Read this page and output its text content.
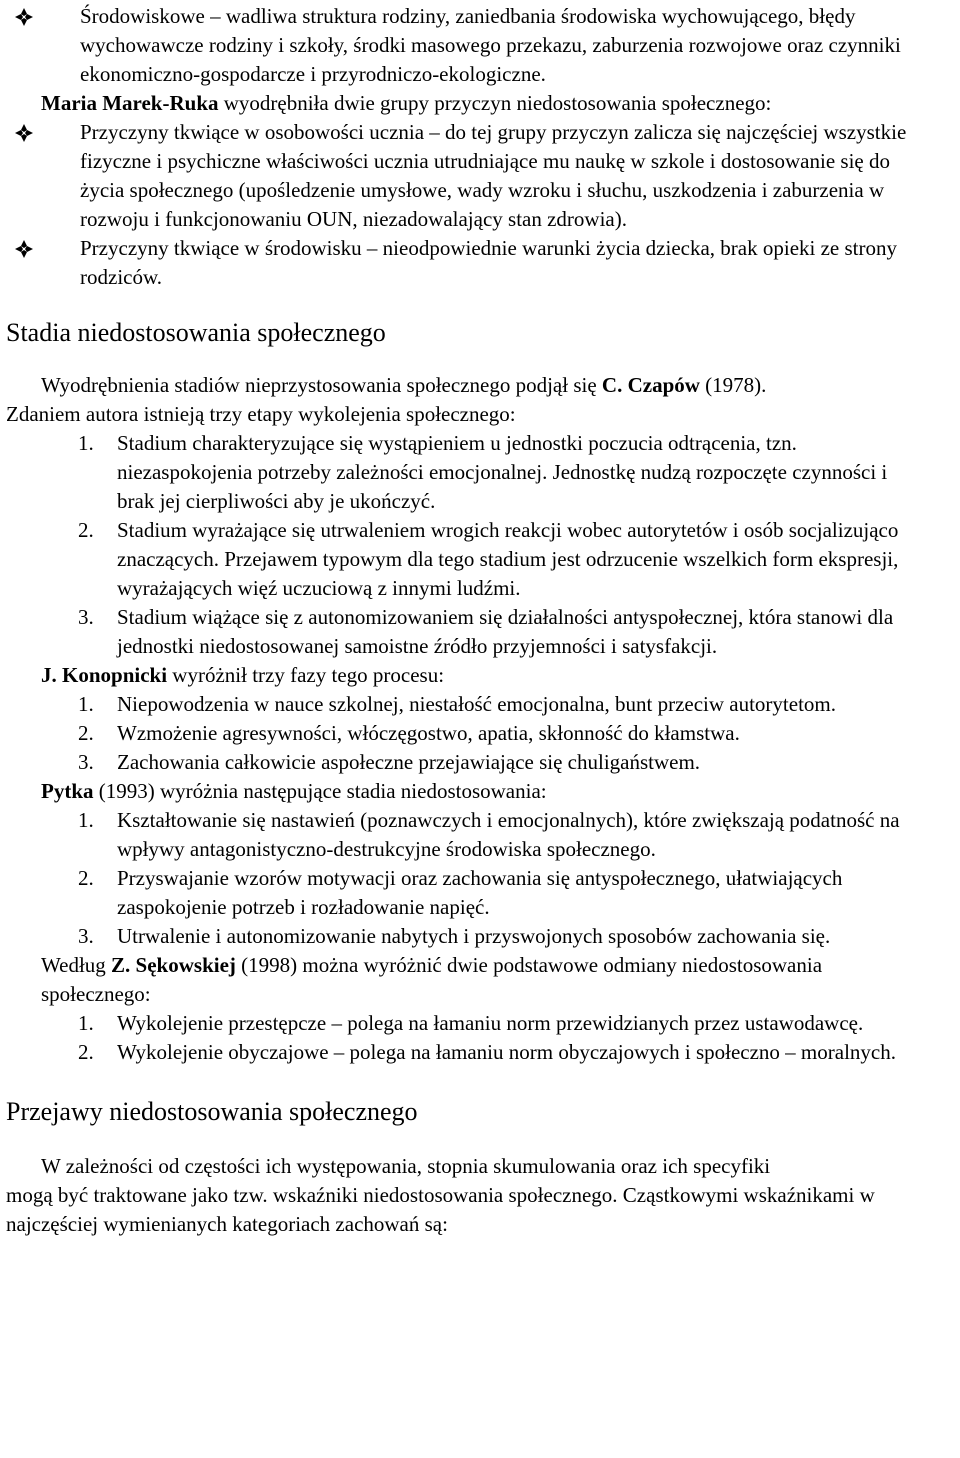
Środowiskowe – wadliwa struktura rodziny, zaniedbania środowiska wychowującego, błędy wychowawcze rodziny i szkoły, środki masowego przekazu, zaburzenia rozwojowe oraz czynniki ekonomiczno-gospodarcze i przyrodniczo-ekologiczne.
Maria Marek-Ruka wyodrębniła dwie grupy przyczyn niedostosowania społecznego:
Przyczyny tkwiące w osobowości ucznia – do tej grupy przyczyn zalicza się najczęściej wszystkie fizyczne i psychiczne właściwości ucznia utrudniające mu naukę w szkole i dostosowanie się do życia społecznego (upośledzenie umysłowe, wady wzroku i słuchu, uszkodzenia i zaburzenia w rozwoju i funkcjonowaniu OUN, niezadowalający stan zdrowia).
Przyczyny tkwiące w środowisku – nieodpowiednie warunki życia dziecka, brak opieki ze strony rodziców.
Stadia niedostosowania społecznego
Wyodrębnienia stadiów nieprzystosowania społecznego podjął się C. Czapów (1978).
Zdaniem autora istnieją trzy etapy wykolejenia społecznego:
1. Stadium charakteryzujące się wystąpieniem u jednostki poczucia odtrącenia, tzn. niezaspokojenia potrzeby zależności emocjonalnej. Jednostkę nudzą rozpoczęte czynności i brak jej cierpliwości aby je ukończyć.
2. Stadium wyrażające się utrwaleniem wrogich reakcji wobec autorytetów i osób socjalizująco znaczących. Przejawem typowym dla tego stadium jest odrzucenie wszelkich form ekspresji, wyrażających więź uczuciową z innymi ludźmi.
3. Stadium wiążące się z autonomizowaniem się działalności antyspołecznej, która stanowi dla jednostki niedostosowanej samoistne źródło przyjemności i satysfakcji.
J. Konopnicki wyróżnił trzy fazy tego procesu:
1. Niepowodzenia w nauce szkolnej, niestałość emocjonalna, bunt przeciw autorytetom.
2. Wzmożenie agresywności, włóczęgostwo, apatia, skłonność do kłamstwa.
3. Zachowania całkowicie aspołeczne przejawiające się chuligaństwem.
Pytka (1993) wyróżnia następujące stadia niedostosowania:
1. Kształtowanie się nastawień (poznawczych i emocjonalnych), które zwiększają podatność na wpływy antagonistyczno-destrukcyjne środowiska społecznego.
2. Przyswajanie wzorów motywacji oraz zachowania się antyspołecznego, ułatwiających zaspokojenie potrzeb i rozładowanie napięć.
3. Utrwalenie i autonomizowanie nabytych i przyswojonych sposobów zachowania się.
Według Z. Sękowskiej (1998) można wyróżnić dwie podstawowe odmiany niedostosowania społecznego:
1. Wykolejenie przestępcze – polega na łamaniu norm przewidzianych przez ustawodawcę.
2. Wykolejenie obyczajowe – polega na łamaniu norm obyczajowych i społeczno – moralnych.
Przejawy niedostosowania społecznego
W zależności od częstości ich występowania, stopnia skumulowania oraz ich specyfiki
mogą być traktowane jako tzw. wskaźniki niedostosowania społecznego. Cząstkowymi wskaźnikami w najczęściej wymienianych kategoriach zachowań są:
